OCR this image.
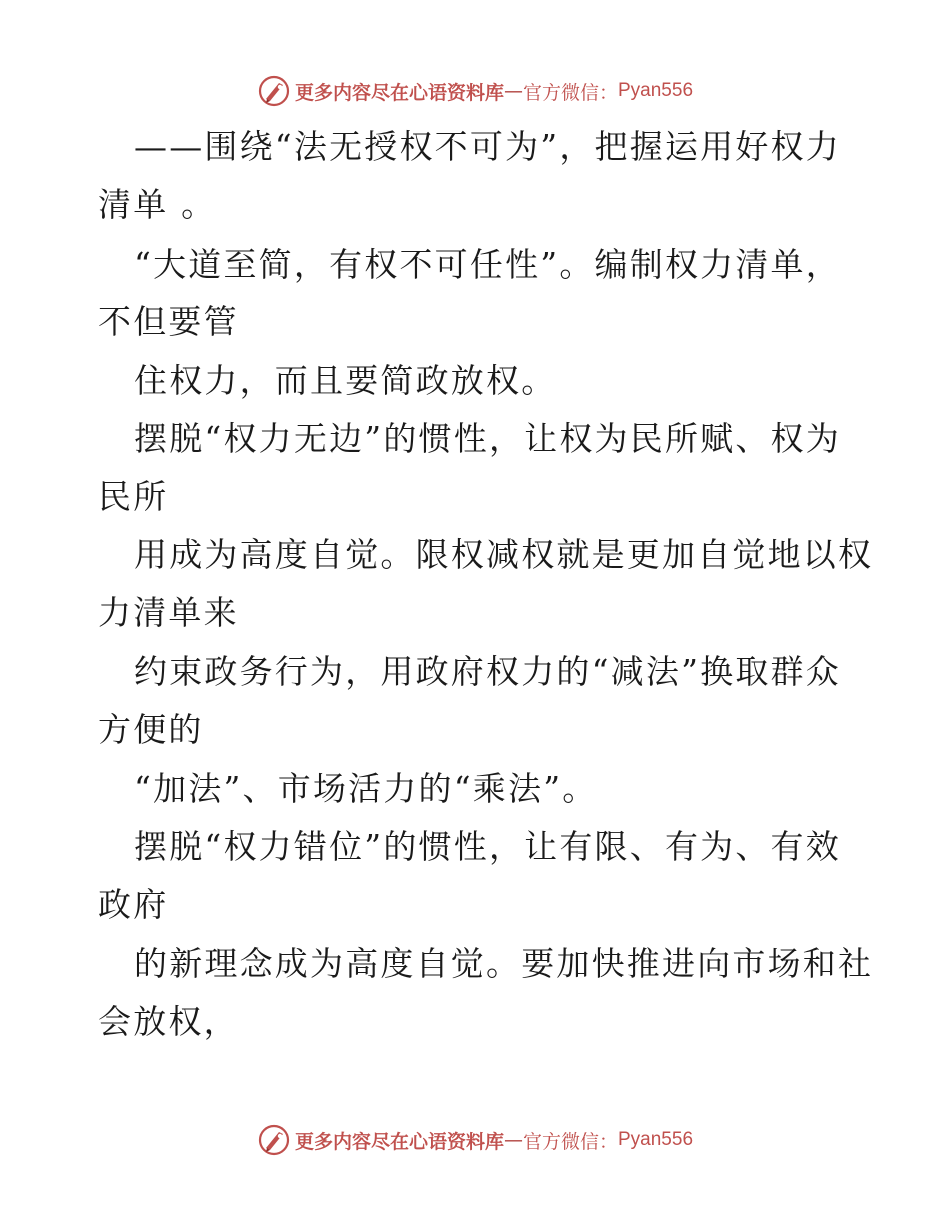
更多内容尽在心语资料库 — 官方微信： Pyan556
——围绕“法无授权不可为”，把握运用好权力
清单 。
“大道至简，有权不可任性”。编制权力清单，
不但要管
住权力，而且要简政放权。
摆脱“权力无边”的惯性，让权为民所赋、权为
民所
用成为高度自觉。限权减权就是更加自觉地以权
力清单来
约束政务行为，用政府权力的“减法”换取群众
方便的
“加法”、市场活力的“乘法”。
摆脱“权力错位”的惯性，让有限、有为、有效
政府
的新理念成为高度自觉。要加快推进向市场和社
会放权，
更多内容尽在心语资料库 — 官方微信： Pyan556
